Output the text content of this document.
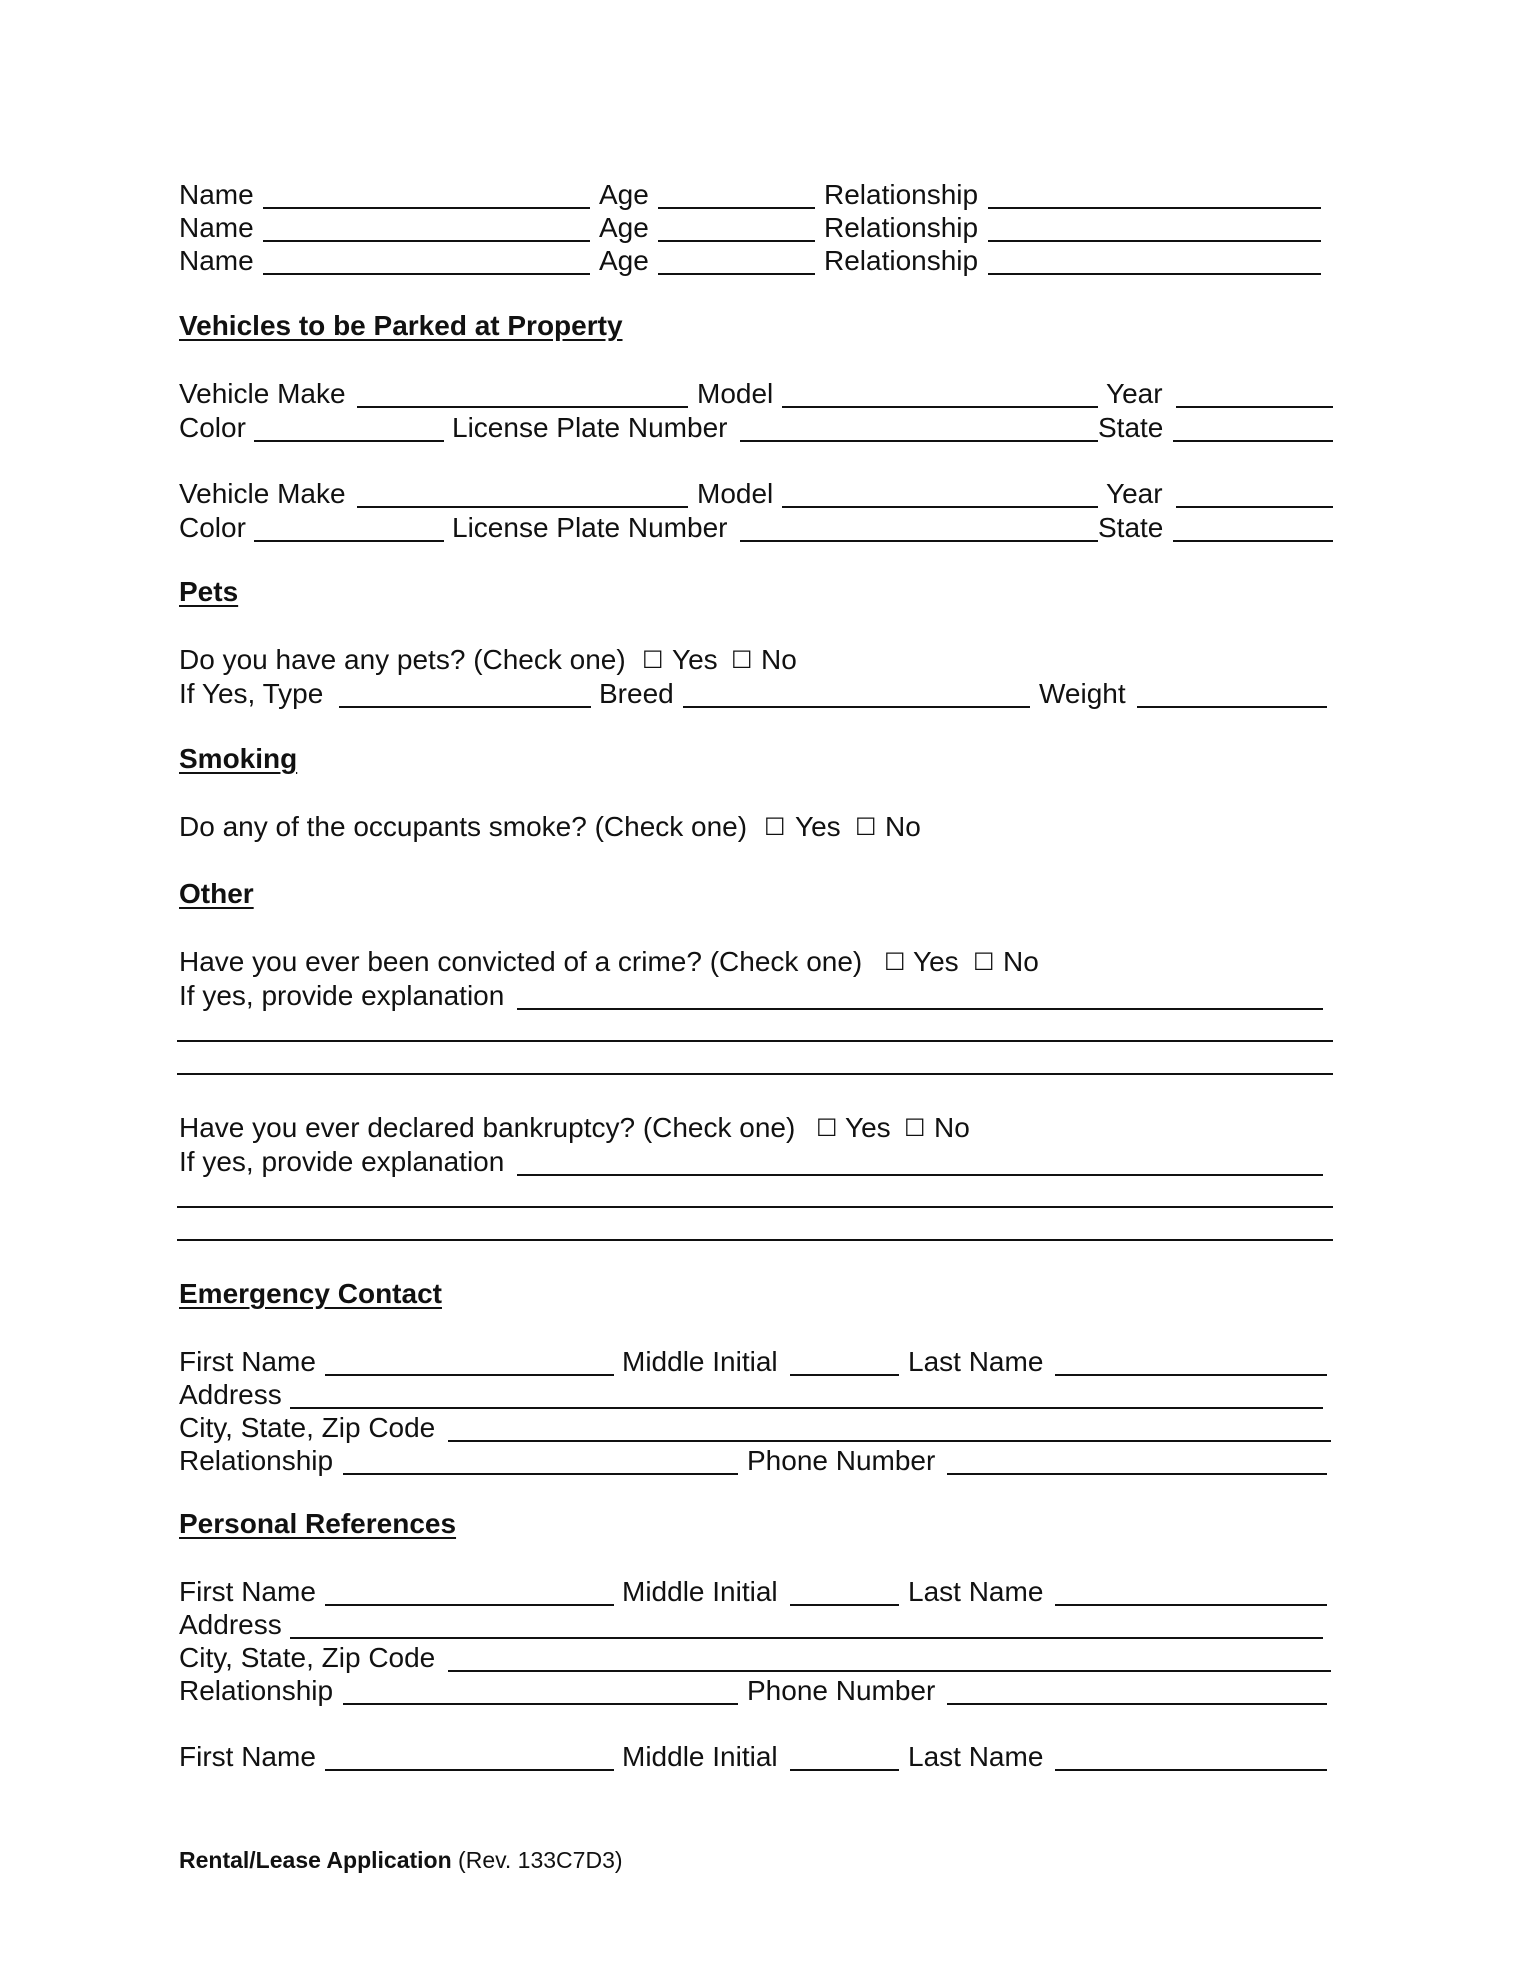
Name	Age	Relationship
Name	Age	Relationship
Name	Age	Relationship
Vehicles to be Parked at Property
Vehicle Make	Model	Year
Color	License Plate Number	State
Vehicle Make	Model	Year
Color	License Plate Number	State
Pets
Do you have any pets? (Check one) ☐ Yes ☐ No
If Yes, Type	Breed	Weight
Smoking
Do any of the occupants smoke? (Check one) ☐ Yes ☐ No
Other
Have you ever been convicted of a crime? (Check one) ☐ Yes ☐ No
If yes, provide explanation
Have you ever declared bankruptcy? (Check one) ☐ Yes ☐ No
If yes, provide explanation
Emergency Contact
First Name	Middle Initial	Last Name
Address
City, State, Zip Code
Relationship	Phone Number
Personal References
First Name	Middle Initial	Last Name
Address
City, State, Zip Code
Relationship	Phone Number
First Name	Middle Initial	Last Name
Rental/Lease Application (Rev. 133C7D3)
